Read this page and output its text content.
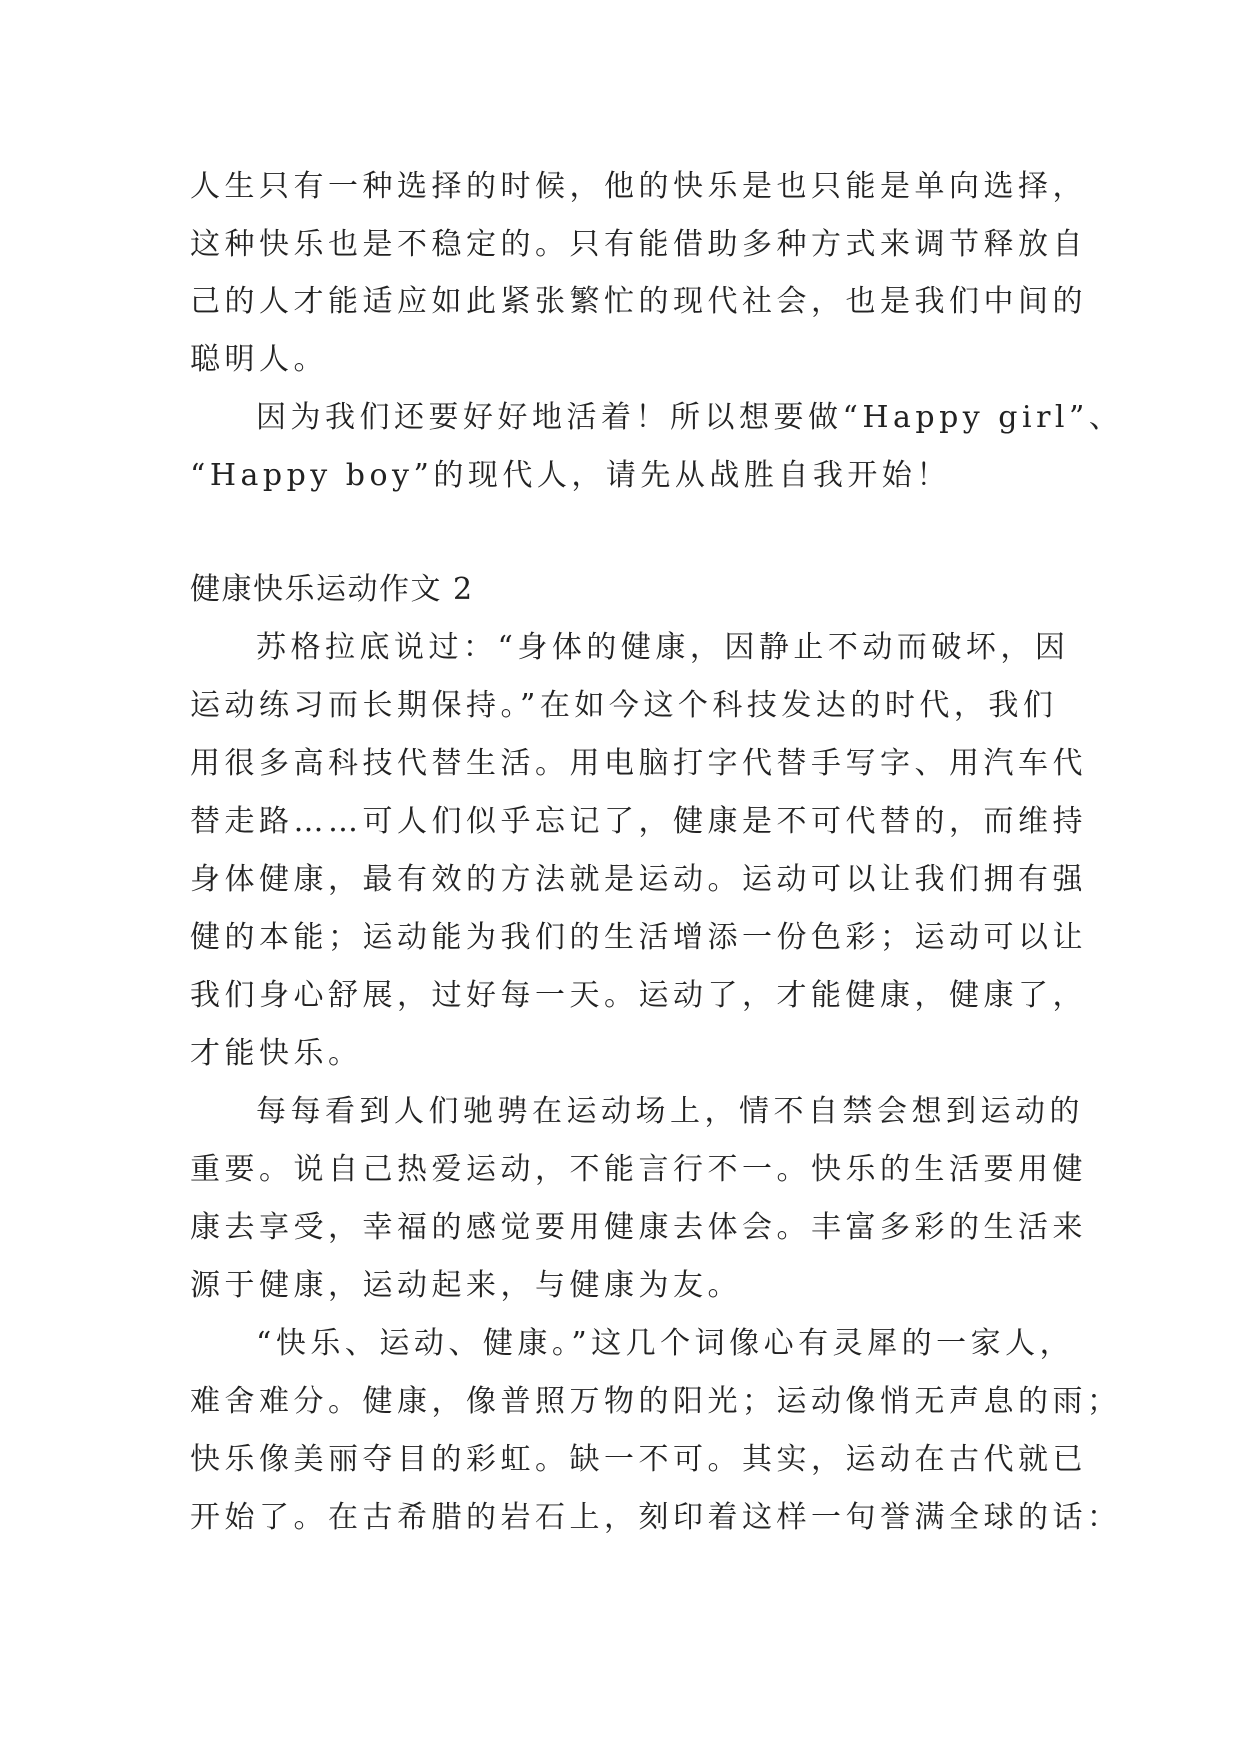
人生只有一种选择的时候，他的快乐是也只能是单向选择，
这种快乐也是不稳定的。只有能借助多种方式来调节释放自
己的人才能适应如此紧张繁忙的现代社会，也是我们中间的
聪明人。
因为我们还要好好地活着！所以想要做“Happy girl”、
“Happy boy”的现代人，请先从战胜自我开始！
健康快乐运动作文 2
苏格拉底说过：“身体的健康，因静止不动而破坏，因
运动练习而长期保持。”在如今这个科技发达的时代，我们
用很多高科技代替生活。用电脑打字代替手写字、用汽车代
替走路……可人们似乎忘记了，健康是不可代替的，而维持
身体健康，最有效的方法就是运动。运动可以让我们拥有强
健的本能；运动能为我们的生活增添一份色彩；运动可以让
我们身心舒展，过好每一天。运动了，才能健康，健康了，
才能快乐。
每每看到人们驰骋在运动场上，情不自禁会想到运动的
重要。说自己热爱运动，不能言行不一。快乐的生活要用健
康去享受，幸福的感觉要用健康去体会。丰富多彩的生活来
源于健康，运动起来，与健康为友。
“快乐、运动、健康。”这几个词像心有灵犀的一家人，
难舍难分。健康，像普照万物的阳光；运动像悄无声息的雨；
快乐像美丽夺目的彩虹。缺一不可。其实，运动在古代就已
开始了。在古希腊的岩石上，刻印着这样一句誉满全球的话：
